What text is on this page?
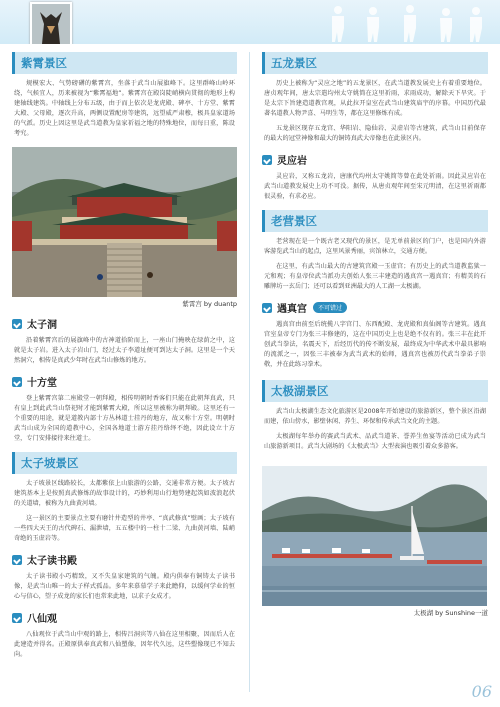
紫霄景区

规模宏大、气势磅礴的紫霄宫，坐落于武当山展旗峰下。这里群峰山岭环绕，气候宜人，历来被视为“紫霄福地”。紫霄宫在殿岗陡峭横向贯彻的地形上构建轴线建筑。中轴线上分布五级，由于而上依次是龙虎殿、碑亭、十方堂、紫霄大殿、父母殿，逐次升高，两侧设置配房等建筑，远望威严肃穆，极具皇家道场的气派。历史上因这里是武当道教为皇家祈福之地的特殊地位，而每日重，陈设考究。

紫霄宫 by duantp
太子洞

沿着紫霄宫后的展旗峰中的古神道拾阶而上，一座山门掩映在绿荫之中，这就是太子岩。进入太子岩山门，经过太子李道址便可到达太子洞。这里是一个天然洞穴，相传是真武少年时在武当山修炼的地方。

十方堂

登上紫霄宫第二座殿堂一朝拜殿，相传明朝时香客们只能在此朝拜真武，只有皇上到此武当山祭祀时才能到紫霄大殿，所以这里被称为朝拜殿。这里还有一个重要的用途，就是道教内部十方丛林道士挂丹的地方，故又称十方堂。明朝时武当山成为全国的道教中心，全国各地道士游方挂丹络绎不绝，因此设立十方堂，专门安排接待来往道士。

太子坡景区

太子坡景区线路较长，太都紫依上山旅游的公路，交通非常方便。太子坡古建筑基本上是按照真武修炼的故事设计的，巧妙利用山行地势建起筑如波浪起伏的关道墙，被称为九曲黄河墙。

这一景区的主要景点主要有磨针井造型的井亭、“真武修真”壁画；太子坡有一些四大天王的古代碑石、漏泄墙，五五楼中的一柱十二梁、九曲黄河墙、陆峭奇绝的玉虚岩等。

太子读书殿

太子读书殿小巧精致，又不失皇家建筑的气魄。殿内供奉有铜铸太子读书像，是武当山唯一的太子样式孤品。多年来慕慕学子来此瞻仰，以缓何学业的恒心与信心，望子成龙的家长们也常来此地，以求子女成才。

八仙观

八仙观位于武当山中观的路上，相传吕洞宾等八仙在这里相聚，因而后人在此建造并得名。正殿原供奉真武和八仙塑像，因年代久远，这些塑像现已不知去向。

五龙景区

历史上被称为“灵应之地”的五龙景区，在武当道教发展史上有着重要地位。唐贞观年间，唐太宗遣均州太守姚简在这里祈雨，求雨成功，解除天下旱灾。于是太宗下旨建造道教宫观，从此拉开皇室在武当山建筑庙宇的序幕。中国历代最著名道教人物尹喜、马明生等，都在这里修炼有成。

五龙景区现存五龙宫、华阳岩、隐仙岩、灵虚岩等古建筑，武当山目前保存的最大的冠堂神像和最大的铜铸真武大帝像也在此景区内。

灵应岩

灵应岩，又称五龙岩，唐康代均州太守姚简等曾在此处祈雨。因此灵应岩在武当山道教发展史上功不可没。据传，从唐贞观年间至宋元明清，在这里祈雨都很灵验，有求必应。

老营景区

老营现在是一个既古老又现代的景区，是无单前景区的门户，也是国内外游客游览武当山的起点，这里风景秀丽，宾馆林立，交通方便。

在这里，有武当山最大的古建筑宫殿一玉虚宫；有历史上的武当道教监狱一元和观；有皇帝位武当派功夫创始人张三丰建造的遇真宫一遇真宫；有精美的石雕牌坊一玄岳门；还可以看到亚洲最大的人工湖一太极湖。

遇真宫	不可错过

遇真宫由前至后统揽八字宫门、东西配殿、龙虎殿和真仙阁等古建筑。遇真宫室皇帝专门为张三丰修建的，这在中国历史上也是绝不仅有的。张三丰在此开创武当拳法，名震天下，后经历代的传不断发展，最终成为中华武术中最具影响的流派之一，因张三丰被奉为武当武术的始师，遇真宫也被历代武当拳弟子崇敬，并在此练习拳术。

太极湖景区

武当山太极湖生态文化旅游区是2008年开始建设的旅游新区，整个景区沿湖而建，依山傍水，影壁休闲、养生、环保和传承武当文化的主题。

太极湖每年举办的赛武当武术、品武当道茶、誉养生鱼宴等活动已成为武当山旅游新项目。武当大剧场的《太极武当》大型表演也吸引着众多游客。

太极湖 by Sunshine一道
06
